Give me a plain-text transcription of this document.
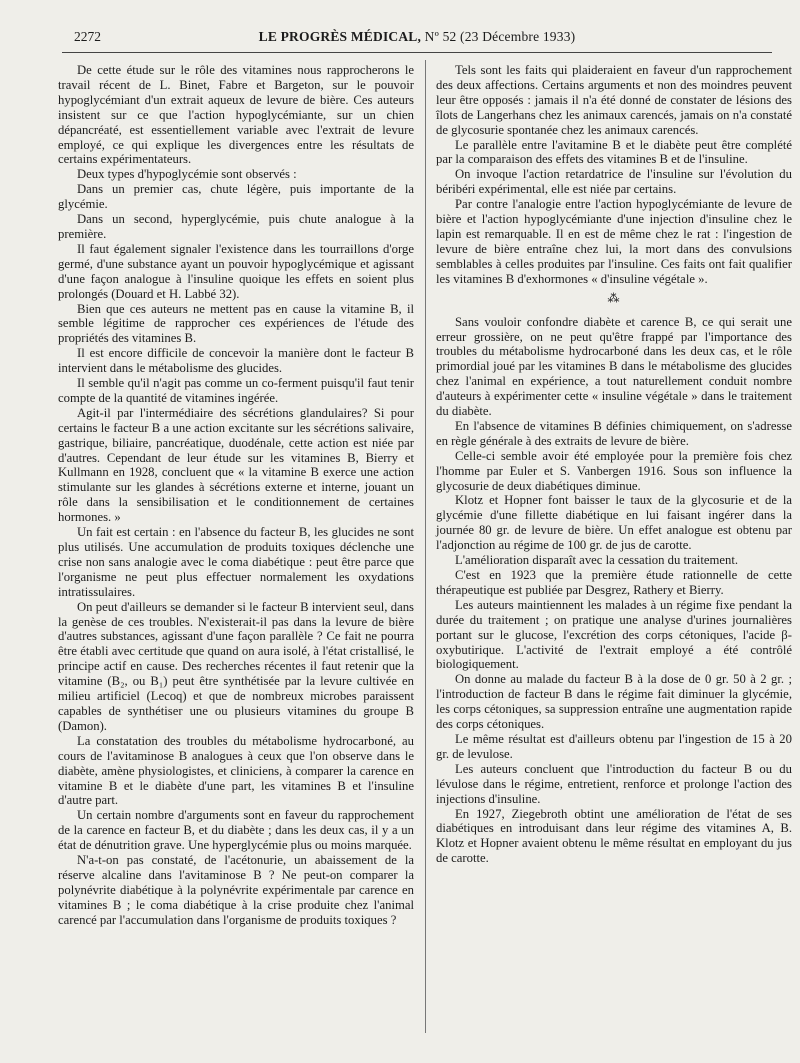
2272	LE PROGRÈS MÉDICAL, Nº 52 (23 Décembre 1933)

De cette étude sur le rôle des vitamines nous rapprocherons le travail récent de L. Binet, Fabre et Bargeton, sur le pouvoir hypoglycémiant d'un extrait aqueux de levure de bière. Ces auteurs insistent sur ce que l'action hypoglycémiante, sur un chien dépancréaté, est essentiellement variable avec l'extrait de levure employé, ce qui explique les divergences entre les résultats de certains expérimentateurs.

Deux types d'hypoglycémie sont observés :

Dans un premier cas, chute légère, puis importante de la glycémie.

Dans un second, hyperglycémie, puis chute analogue à la première.

Il faut également signaler l'existence dans les tourraillons d'orge germé, d'une substance ayant un pouvoir hypoglycémique et agissant d'une façon analogue à l'insuline quoique les effets en soient plus prolongés (Douard et H. Labbé 32).

Bien que ces auteurs ne mettent pas en cause la vitamine B, il semble légitime de rapprocher ces expériences de l'étude des propriétés des vitamines B.

Il est encore difficile de concevoir la manière dont le facteur B intervient dans le métabolisme des glucides.

Il semble qu'il n'agit pas comme un co-ferment puisqu'il faut tenir compte de la quantité de vitamines ingérée.

Agit-il par l'intermédiaire des sécrétions glandulaires? Si pour certains le facteur B a une action excitante sur les sécrétions salivaire, gastrique, biliaire, pancréatique, duodénale, cette action est niée par d'autres. Cependant de leur étude sur les vitamines B, Bierry et Kullmann en 1928, concluent que « la vitamine B exerce une action stimulante sur les glandes à sécrétions externe et interne, jouant un rôle dans la sensibilisation et le conditionnement de certaines hormones. »

Un fait est certain : en l'absence du facteur B, les glucides ne sont plus utilisés. Une accumulation de produits toxiques déclenche une crise non sans analogie avec le coma diabétique : peut être parce que l'organisme ne peut plus effectuer normalement les oxydations intratissulaires.

On peut d'ailleurs se demander si le facteur B intervient seul, dans la genèse de ces troubles. N'existerait-il pas dans la levure de bière d'autres substances, agissant d'une façon parallèle ? Ce fait ne pourra être établi avec certitude que quand on aura isolé, à l'état cristallisé, le principe actif en cause. Des recherches récentes il faut retenir que la vitamine (B₂, ou B₁) peut être synthétisée par la levure cultivée en milieu artificiel (Lecoq) et que de nombreux microbes paraissent capables de synthétiser une ou plusieurs vitamines du groupe B (Damon).

La constatation des troubles du métabolisme hydrocarboné, au cours de l'avitaminose B analogues à ceux que l'on observe dans le diabète, amène physiologistes, et cliniciens, à comparer la carence en vitamine B et le diabète d'une part, les vitamines B et l'insuline d'autre part.

Un certain nombre d'arguments sont en faveur du rapprochement de la carence en facteur B, et du diabète ; dans les deux cas, il y a un état de dénutrition grave. Une hyperglycémie plus ou moins marquée.

N'a-t-on pas constaté, de l'acétonurie, un abaissement de la réserve alcaline dans l'avitaminose B ? Ne peut-on comparer la polynévrite diabétique à la polynévrite expérimentale par carence en vitamines B ; le coma diabétique à la crise produite chez l'animal carencé par l'accumulation dans l'organisme de produits toxiques ?

Tels sont les faits qui plaideraient en faveur d'un rapprochement des deux affections. Certains arguments et non des moindres peuvent leur être opposés : jamais il n'a été donné de constater de lésions des îlots de Langerhans chez les animaux carencés, jamais on n'a constaté de glycosurie spontanée chez les animaux carencés.

Le parallèle entre l'avitamine B et le diabète peut être complété par la comparaison des effets des vitamines B et de l'insuline.

On invoque l'action retardatrice de l'insuline sur l'évolution du béribéri expérimental, elle est niée par certains.

Par contre l'analogie entre l'action hypoglycémiante de levure de bière et l'action hypoglycémiante d'une injection d'insuline chez le lapin est remarquable. Il en est de même chez le rat : l'ingestion de levure de bière entraîne chez lui, la mort dans des convulsions semblables à celles produites par l'insuline. Ces faits ont fait qualifier les vitamines B d'exhormones « d'insuline végétale ».

⁂

Sans vouloir confondre diabète et carence B, ce qui serait une erreur grossière, on ne peut qu'être frappé par l'importance des troubles du métabolisme hydrocarboné dans les deux cas, et le rôle primordial joué par les vitamines B dans le métabolisme des glucides chez l'animal en expérience, a tout naturellement conduit nombre d'auteurs à expérimenter cette « insuline végétale » dans le traitement du diabète.

En l'absence de vitamines B définies chimiquement, on s'adresse en règle générale à des extraits de levure de bière.

Celle-ci semble avoir été employée pour la première fois chez l'homme par Euler et S. Vanbergen 1916. Sous son influence la glycosurie de deux diabétiques diminue.

Klotz et Hopner font baisser le taux de la glycosurie et de la glycémie d'une fillette diabétique en lui faisant ingérer dans la journée 80 gr. de levure de bière. Un effet analogue est obtenu par l'adjonction au régime de 100 gr. de jus de carotte.

L'amélioration disparaît avec la cessation du traitement.

C'est en 1923 que la première étude rationnelle de cette thérapeutique est publiée par Desgrez, Rathery et Bierry.

Les auteurs maintiennent les malades à un régime fixe pendant la durée du traitement ; on pratique une analyse d'urines journalières portant sur le glucose, l'excrétion des corps cétoniques, l'acide β-oxybutirique. L'activité de l'extrait employé a été contrôlé biologiquement.

On donne au malade du facteur B à la dose de 0 gr. 50 à 2 gr. ; l'introduction de facteur B dans le régime fait diminuer la glycémie, les corps cétoniques, sa suppression entraîne une augmentation rapide des corps cétoniques.

Le même résultat est d'ailleurs obtenu par l'ingestion de 15 à 20 gr. de levulose.

Les auteurs concluent que l'introduction du facteur B ou du lévulose dans le régime, entretient, renforce et prolonge l'action des injections d'insuline.

En 1927, Ziegebroth obtint une amélioration de l'état de ses diabétiques en introduisant dans leur régime des vitamines A, B. Klotz et Hopner avaient obtenu le même résultat en employant du jus de carotte.
